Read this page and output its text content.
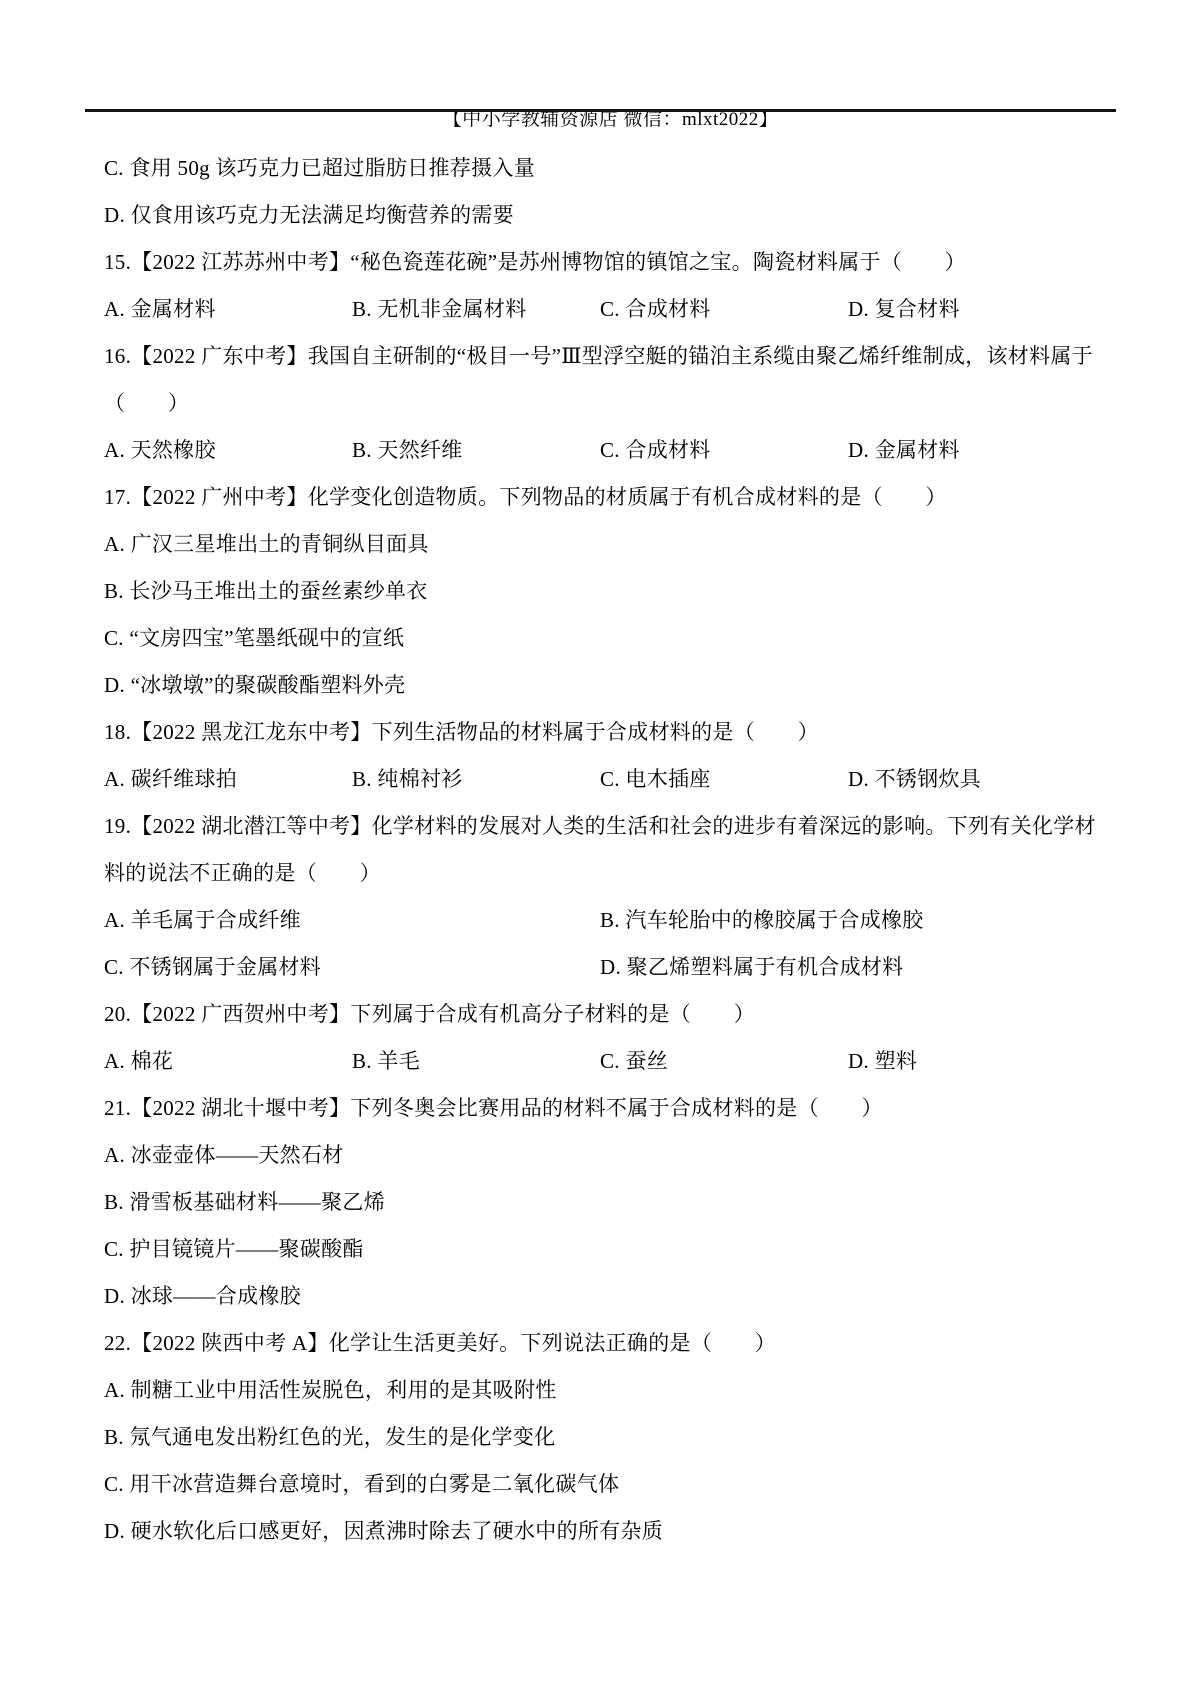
【中小学教辅资源店 微信：mlxt2022】

C. 食用 50g 该巧克力已超过脂肪日推荐摄入量
D. 仅食用该巧克力无法满足均衡营养的需要
15.【2022 江苏苏州中考】“秘色瓷莲花碗”是苏州博物馆的镇馆之宝。陶瓷材料属于（　　）
A. 金属材料	B. 无机非金属材料	C. 合成材料	D. 复合材料
16.【2022 广东中考】我国自主研制的“极目一号”Ⅲ型浮空艇的锚泊主系缆由聚乙烯纤维制成，该材料属于
（　　）
A. 天然橡胶	B. 天然纤维	C. 合成材料	D. 金属材料
17.【2022 广州中考】化学变化创造物质。下列物品的材质属于有机合成材料的是（　　）
A. 广汉三星堆出土的青铜纵目面具
B. 长沙马王堆出土的蚕丝素纱单衣
C. “文房四宝”笔墨纸砚中的宣纸
D. “冰墩墩”的聚碳酸酯塑料外壳
18.【2022 黑龙江龙东中考】下列生活物品的材料属于合成材料的是（　　）
A. 碳纤维球拍	B. 纯棉衬衫	C. 电木插座	D. 不锈钢炊具
19.【2022 湖北潜江等中考】化学材料的发展对人类的生活和社会的进步有着深远的影响。下列有关化学材
料的说法不正确的是（　　）
A. 羊毛属于合成纤维	B. 汽车轮胎中的橡胶属于合成橡胶
C. 不锈钢属于金属材料	D. 聚乙烯塑料属于有机合成材料
20.【2022 广西贺州中考】下列属于合成有机高分子材料的是（　　）
A. 棉花	B. 羊毛	C. 蚕丝	D. 塑料
21.【2022 湖北十堰中考】下列冬奥会比赛用品的材料不属于合成材料的是（　　）
A. 冰壶壶体——天然石材
B. 滑雪板基础材料——聚乙烯
C. 护目镜镜片——聚碳酸酯
D. 冰球——合成橡胶
22.【2022 陕西中考 A】化学让生活更美好。下列说法正确的是（　　）
A. 制糖工业中用活性炭脱色，利用的是其吸附性
B. 氖气通电发出粉红色的光，发生的是化学变化
C. 用干冰营造舞台意境时，看到的白雾是二氧化碳气体
D. 硬水软化后口感更好，因煮沸时除去了硬水中的所有杂质
